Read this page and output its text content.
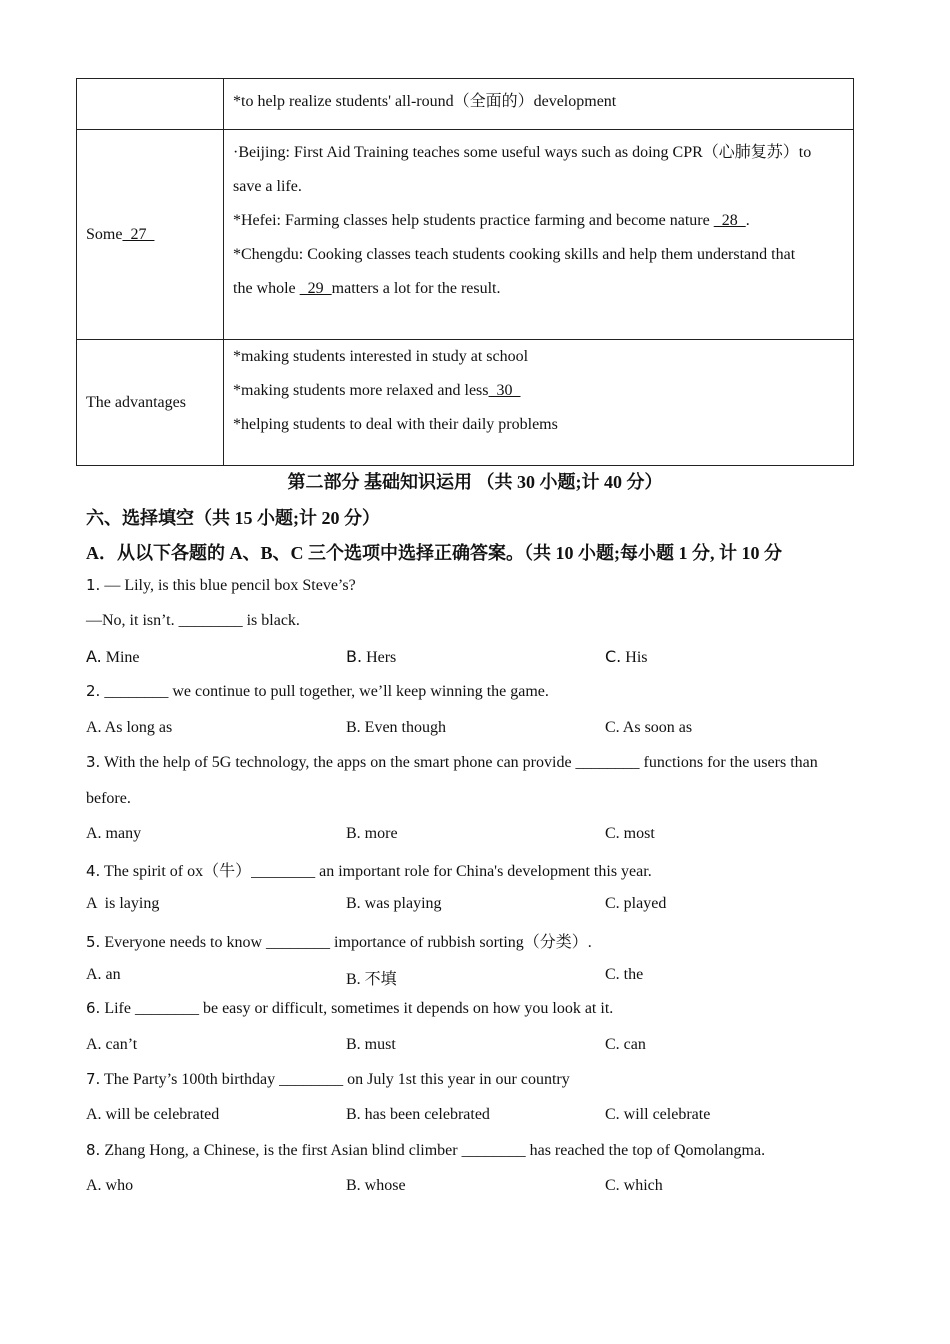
	*to help realize students' all-round（全面的）development

Some  27	·Beijing: First Aid Training teaches some useful ways such as doing CPR（心肺复苏）to
save a life.
*Hefei: Farming classes help students practice farming and become nature   28  .
*Chengdu: Cooking classes teach students cooking skills and help them understand that
the whole   29  matters a lot for the result.

The advantages	*making students interested in study at school
*making students more relaxed and less  30
*helping students to deal with their daily problems
第二部分 基础知识运用 （共 30 小题;计 40 分）
六、选择填空（共 15 小题;计 20 分）
A．从以下各题的 A、B、C 三个选项中选择正确答案。（共 10 小题;每小题 1 分, 计 10 分
1. — Lily, is this blue pencil box Steve’s?
—No, it isn’t. ________ is black.
A. Mine	B. Hers	C. His
2. ________ we continue to pull together, we’ll keep winning the game.
A. As long as	B. Even though	C. As soon as
3. With the help of 5G technology, the apps on the smart phone can provide ________ functions for the users than
before.
A. many	B. more	C. most
4. The spirit of ox（牛）________ an important role for China's development this year.
A  is laying	B. was playing	C. played
5. Everyone needs to know ________ importance of rubbish sorting（分类）.
A. an	B. 不填	C. the
6. Life ________ be easy or difficult, sometimes it depends on how you look at it.
A. can’t	B. must	C. can
7. The Party’s 100th birthday ________ on July 1st this year in our country
A. will be celebrated	B. has been celebrated	C. will celebrate
8. Zhang Hong, a Chinese, is the first Asian blind climber ________ has reached the top of Qomolangma.
A. who	B. whose	C. which
